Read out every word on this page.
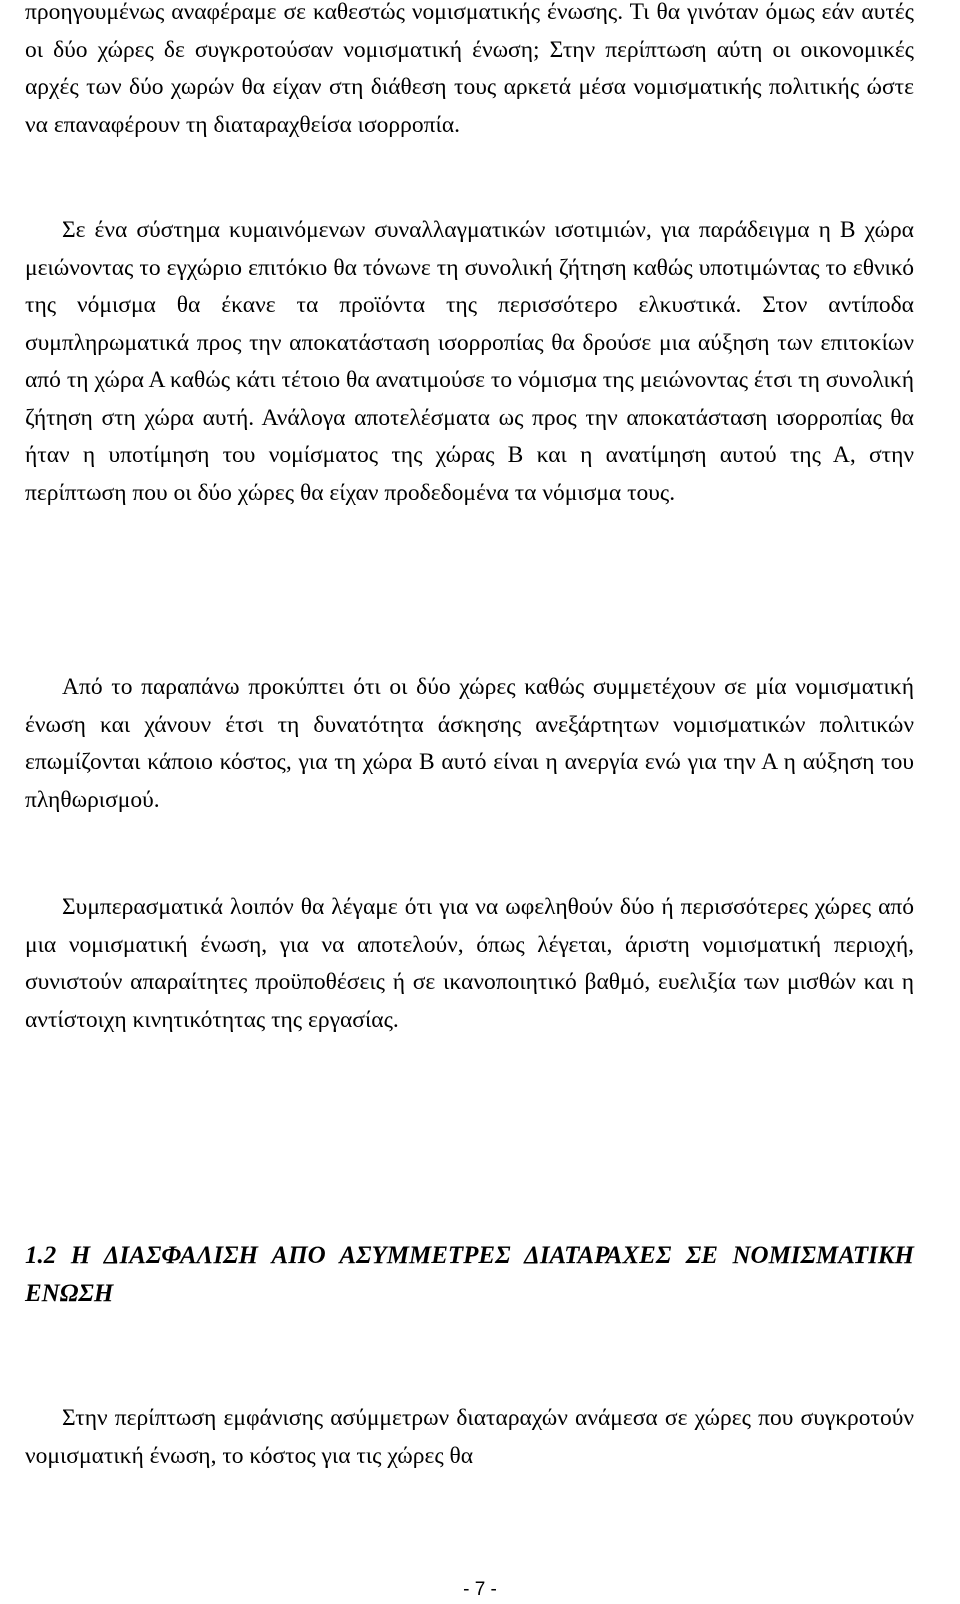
προηγουμένως αναφέραμε σε καθεστώς νομισματικής ένωσης. Τι θα γινόταν όμως εάν αυτές οι δύο χώρες δε συγκροτούσαν νομισματική ένωση; Στην περίπτωση αύτη οι οικονομικές αρχές των δύο χωρών θα είχαν στη διάθεση τους αρκετά μέσα νομισματικής πολιτικής ώστε να επαναφέρουν τη διαταραχθείσα ισορροπία.

Σε ένα σύστημα κυμαινόμενων συναλλαγματικών ισοτιμιών, για παράδειγμα η Β χώρα μειώνοντας το εγχώριο επιτόκιο θα τόνωνε τη συνολική ζήτηση καθώς υποτιμώντας το εθνικό της νόμισμα θα έκανε τα προϊόντα της περισσότερο ελκυστικά. Στον αντίποδα συμπληρωματικά προς την αποκατάσταση ισορροπίας θα δρούσε μια αύξηση των επιτοκίων από τη χώρα Α καθώς κάτι τέτοιο θα ανατιμούσε το νόμισμα της μειώνοντας έτσι τη συνολική ζήτηση στη χώρα αυτή. Ανάλογα αποτελέσματα ως προς την αποκατάσταση ισορροπίας θα ήταν η υποτίμηση του νομίσματος της χώρας Β και η ανατίμηση αυτού της Α, στην περίπτωση που οι δύο χώρες θα είχαν προδεδομένα τα νόμισμα τους.

Από το παραπάνω προκύπτει ότι οι δύο χώρες καθώς συμμετέχουν σε μία νομισματική ένωση και χάνουν έτσι τη δυνατότητα άσκησης ανεξάρτητων νομισματικών πολιτικών επωμίζονται κάποιο κόστος, για τη χώρα Β αυτό είναι η ανεργία ενώ για την Α η αύξηση του πληθωρισμού.

Συμπερασματικά λοιπόν θα λέγαμε ότι για να ωφεληθούν δύο ή περισσότερες χώρες από μια νομισματική ένωση, για να αποτελούν, όπως λέγεται, άριστη νομισματική περιοχή, συνιστούν απαραίτητες προϋποθέσεις ή σε ικανοποιητικό βαθμό, ευελιξία των μισθών και η αντίστοιχη κινητικότητας της εργασίας.

1.2 Η ΔΙΑΣΦΑΛΙΣΗ ΑΠΟ ΑΣΥΜΜΕΤΡΕΣ ΔΙΑΤΑΡΑΧΕΣ ΣΕ ΝΟΜΙΣΜΑΤΙΚΗ ΕΝΩΣΗ

Στην περίπτωση εμφάνισης ασύμμετρων διαταραχών ανάμεσα σε χώρες που συγκροτούν νομισματική ένωση, το κόστος για τις χώρες θα

- 7 -
